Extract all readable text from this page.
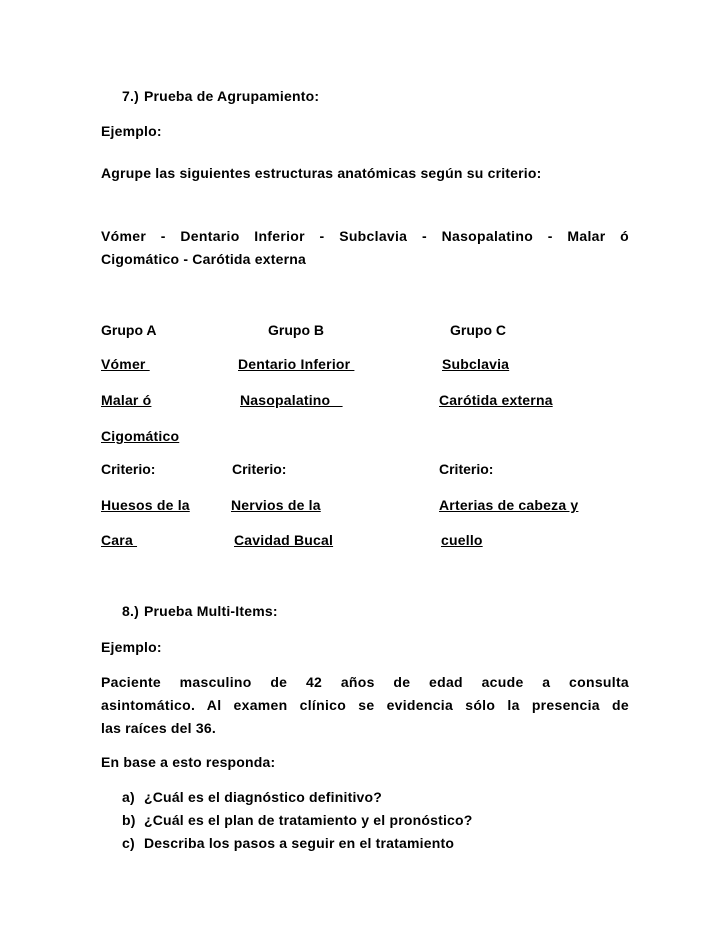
7.) Prueba de Agrupamiento:
Ejemplo:
Agrupe las siguientes estructuras anatómicas según su criterio:
Vómer - Dentario Inferior - Subclavia - Nasopalatino - Malar ó
Cigomático - Carótida externa
Grupo A	Grupo B	Grupo C
Vómer	Dentario Inferior	Subclavia
Malar ó	Nasopalatino	Carótida externa
Cigomático
Criterio:	Criterio:	Criterio:
Huesos de la	Nervios de la	Arterias de cabeza y
Cara	Cavidad Bucal	cuello
8.) Prueba Multi-Items:
Ejemplo:
Paciente masculino de 42 años de edad acude a consulta
asintomático. Al examen clínico se evidencia sólo la presencia de
las raíces del 36.
En base a esto responda:
a) ¿Cuál es el diagnóstico definitivo?
b) ¿Cuál es el plan de tratamiento y el pronóstico?
c) Describa los pasos a seguir en el tratamiento
